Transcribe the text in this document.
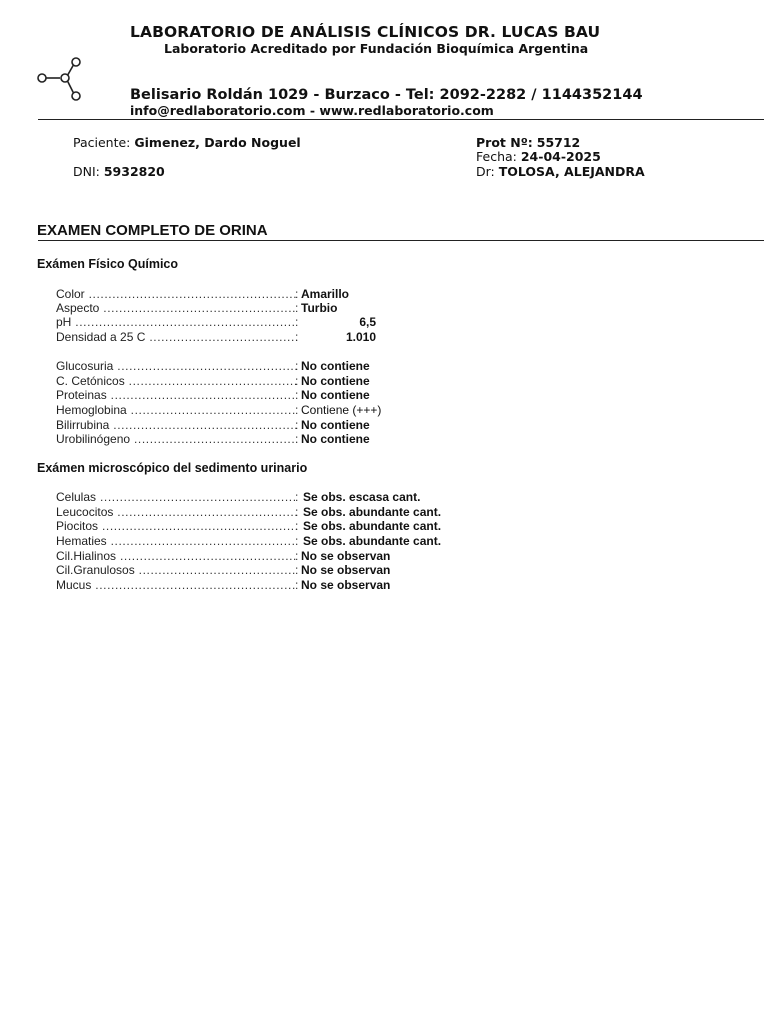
LABORATORIO DE ANÁLISIS CLÍNICOS DR. LUCAS BAU
Laboratorio Acreditado por Fundación Bioquímica Argentina
Belisario Roldán 1029 - Burzaco - Tel: 2092-2282 / 1144352144
info@redlaboratorio.com - www.redlaboratorio.com
Paciente: Gimenez, Dardo Noguel
DNI: 5932820
Prot Nº: 55712
Fecha: 24-04-2025
Dr: TOLOSA, ALEJANDRA
EXAMEN COMPLETO DE ORINA
Exámen Físico Químico
Color .....	: Amarillo
Aspecto .....	: Turbio
pH .....	:	6,5
Densidad a 25 C .....	:	1.010
Glucosuria .....	: No contiene
C. Cetónicos .....	: No contiene
Proteinas .....	: No contiene
Hemoglobina .....	: Contiene (+++)
Bilirrubina .....	: No contiene
Urobilinógeno .....	: No contiene
Exámen microscópico del sedimento urinario
Celulas .....	: Se obs. escasa cant.
Leucocitos .....	: Se obs. abundante cant.
Piocitos .....	: Se obs. abundante cant.
Hematies .....	: Se obs. abundante cant.
Cil.Hialinos .....	: No se observan
Cil.Granulosos .....	: No se observan
Mucus .....	: No se observan
